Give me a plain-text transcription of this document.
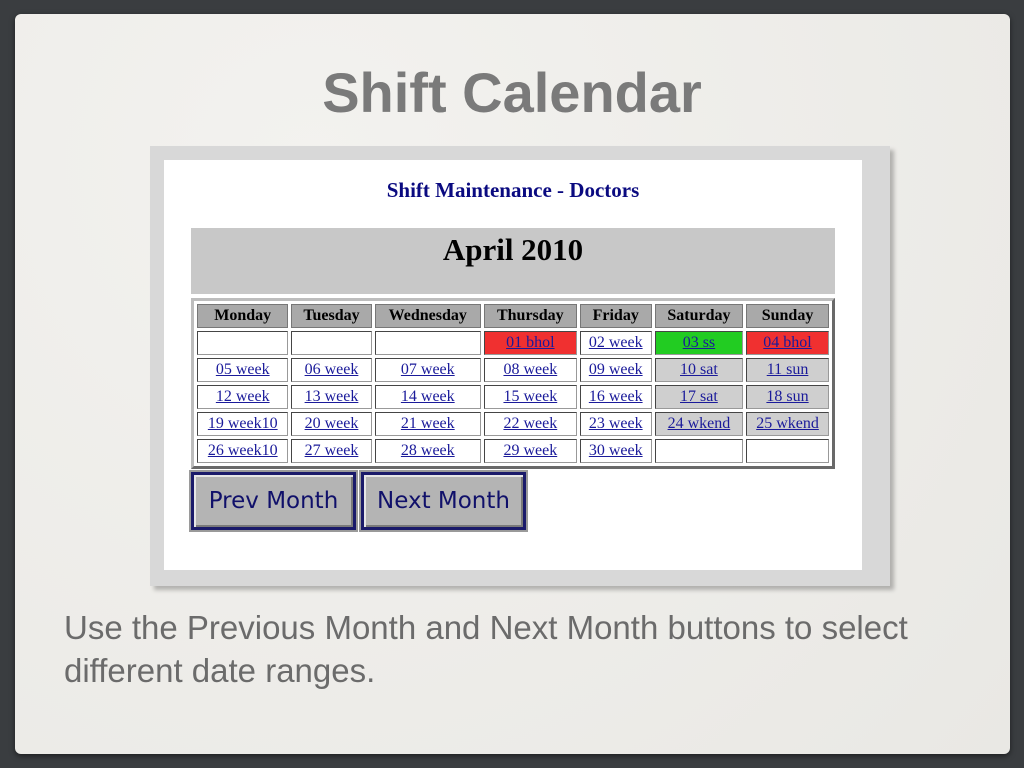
Shift Calendar
Shift Maintenance - Doctors
April 2010
Monday	Tuesday	Wednesday	Thursday	Friday	Saturday	Sunday
			01 bhol	02 week	03 ss	04 bhol
05 week	06 week	07 week	08 week	09 week	10 sat	11 sun
12 week	13 week	14 week	15 week	16 week	17 sat	18 sun
19 week10	20 week	21 week	22 week	23 week	24 wkend	25 wkend
26 week10	27 week	28 week	29 week	30 week		
Prev Month	Next Month
Use the Previous Month and Next Month buttons to select different date ranges.
